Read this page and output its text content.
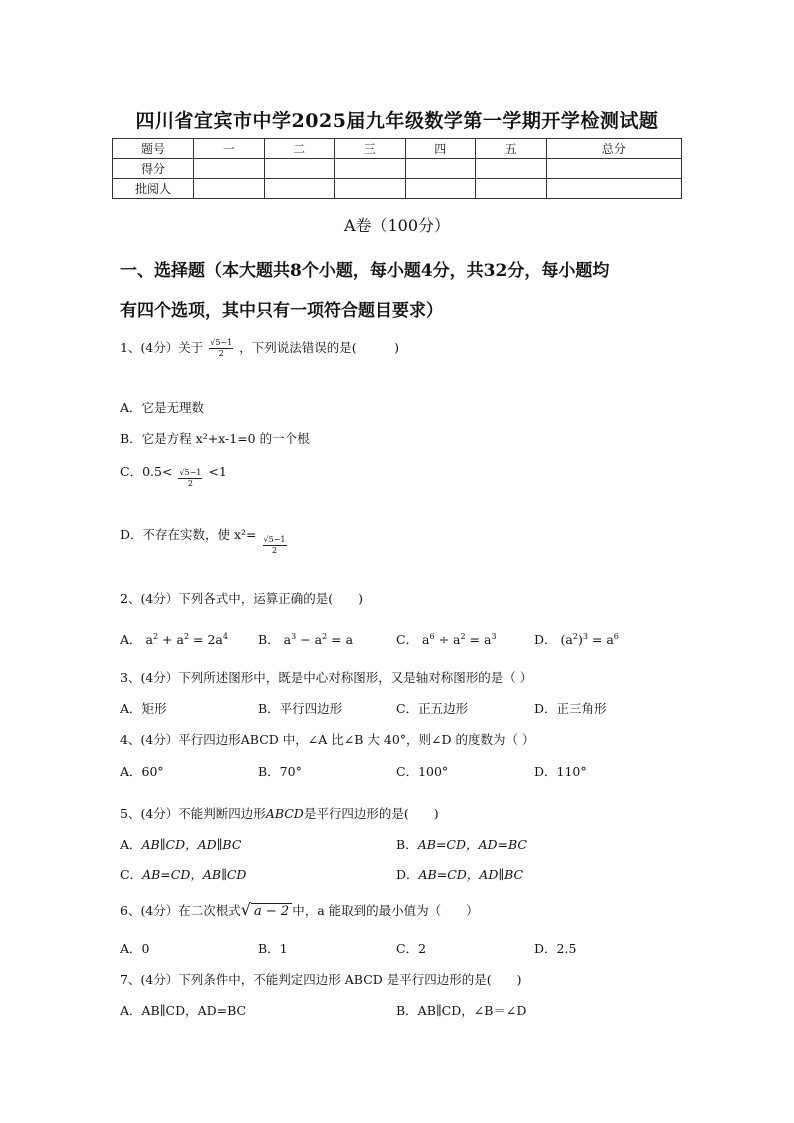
四川省宜宾市中学2025届九年级数学第一学期开学检测试题
题号	一	二	三	四	五	总分
得分						
批阅人						
A卷（100分）
一、选择题（本大题共8个小题，每小题4分，共32分，每小题均
有四个选项，其中只有一项符合题目要求）
1、(4分）关于 $\frac{√5-1}{2}$ ，下列说法错误的是(　　　)
A．它是无理数
B．它是方程 x²+x-1=0 的一个根
C．$0.5< \frac{√5-1}{2} <1$
D．不存在实数，使 x²=
$\frac{√5-1}{2}$
2、(4分）下列各式中，运算正确的是(　　)
A． $a^2 + a^2 = 2a^4$ B． $a^3 - a^2 = a$	C． $a^6 \div a^2 = a^3$	D． $(a^2)^3 = a^6$
3、(4分）下列所述图形中，既是中心对称图形，又是轴对称图形的是（ ）
A．矩形	B．平行四边形	C．正五边形	D．正三角形
4、(4分）平行四边形ABCD 中，∠A 比∠B 大 40°，则∠D 的度数为（ ）
A．60°	B．70°	C．100°	D．110°
5、(4分）不能判断四边形ABCD是平行四边形的是(　　)
A．AB∥CD，AD∥BC	B．AB=CD，AD=BC
C．AB=CD，AB∥CD	D．AB=CD，AD∥BC
6、(4分）在二次根式√ a − 2 中，a 能取到的最小值为（　　）
A．0	B．1	C．2	D．2.5
7、(4分）下列条件中，不能判定四边形 ABCD 是平行四边形的是(　　)
A．AB∥CD，AD=BC	B．AB∥CD，∠B＝∠D
